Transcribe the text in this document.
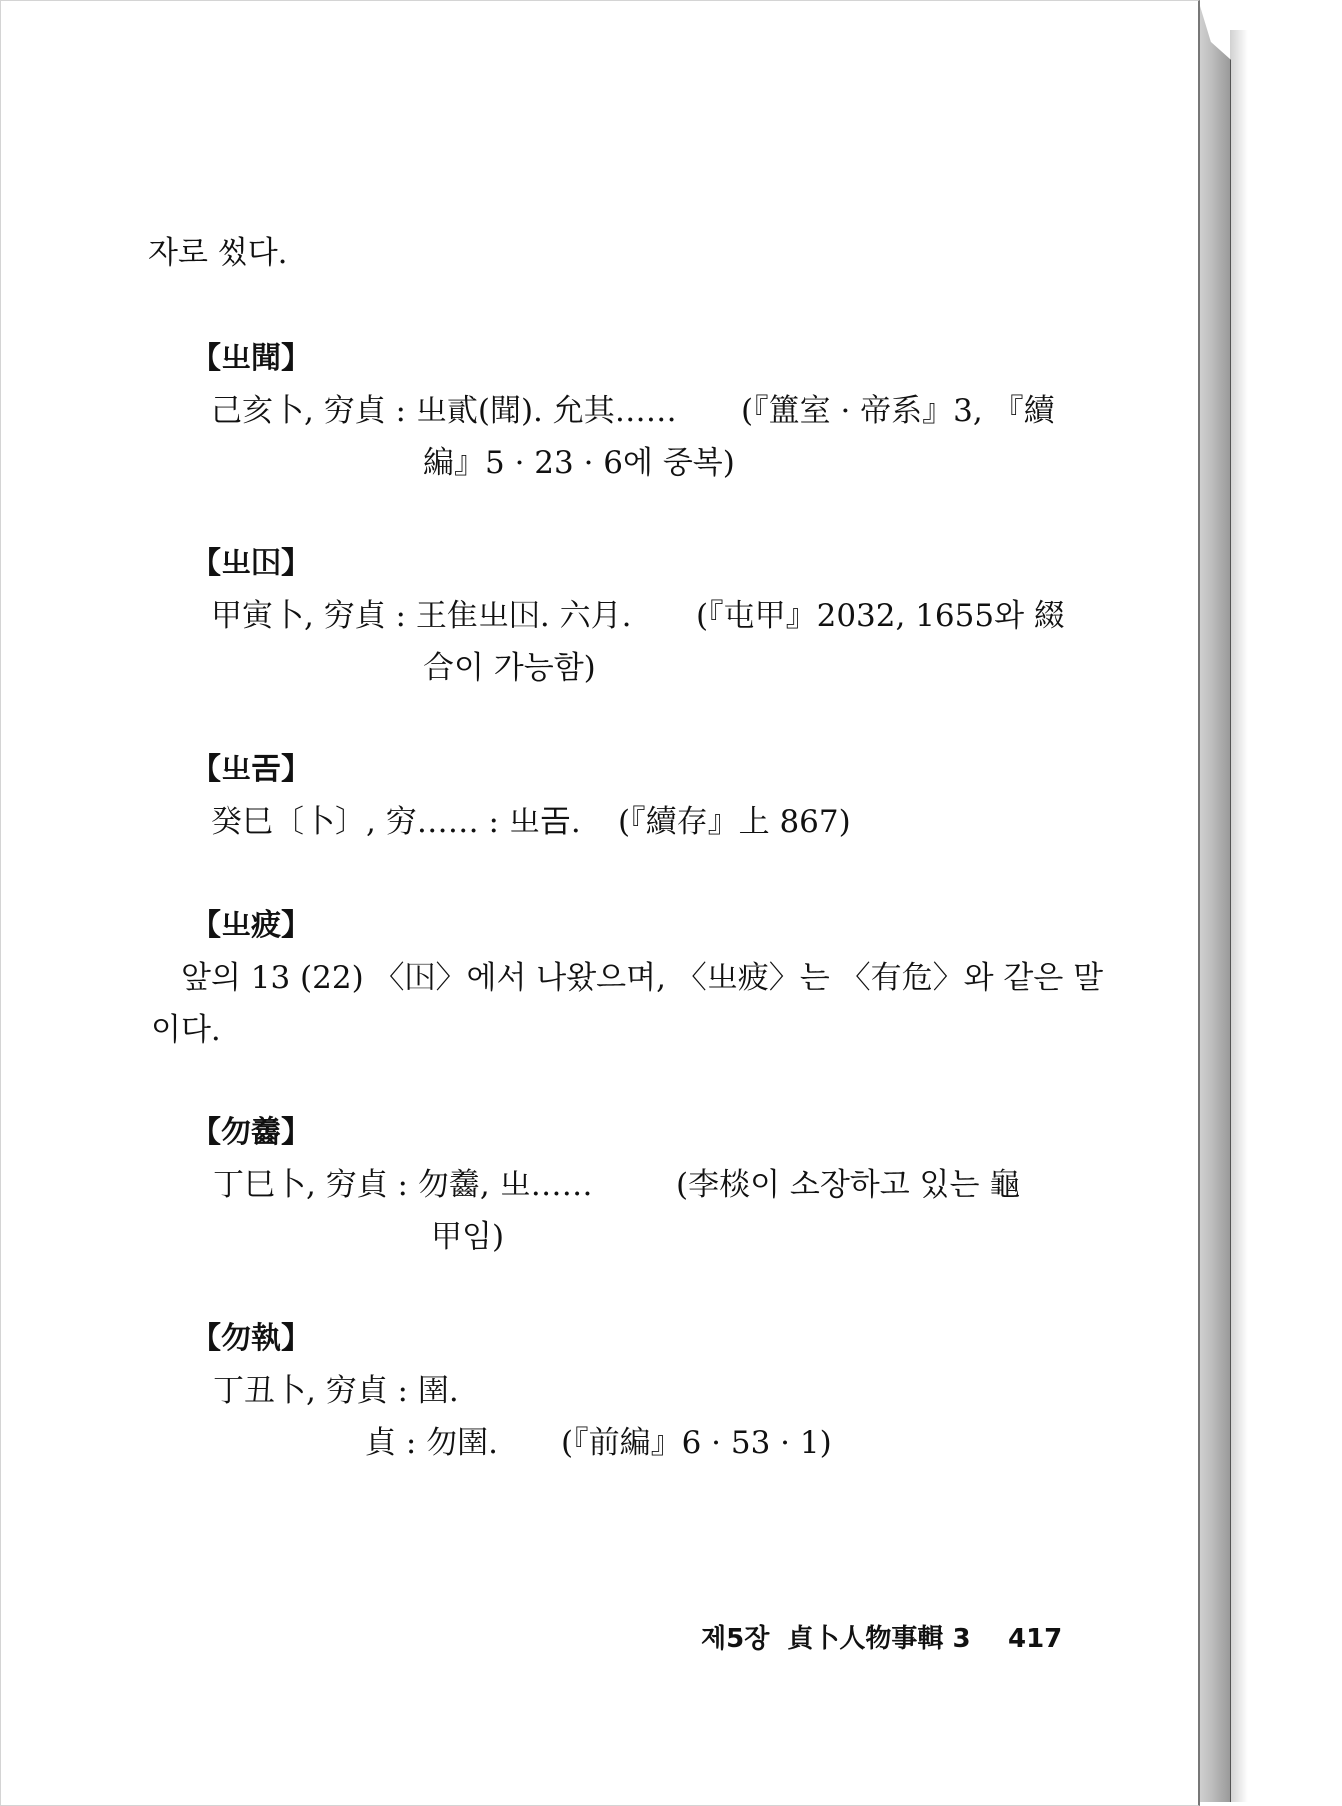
자로 썼다.
【㞢聞】
己亥卜, 穷貞 : 㞢貳(聞). 允其…… (『簠室 · 帝系』3, 『續
編』5 · 23 · 6에 중복)
【㞢𡆥】
甲寅卜, 穷貞 : 王隹㞢𡆥. 六月. (『屯甲』2032, 1655와 綴
合이 가능함)
【㞢𢀛】
癸巳〔卜〕, 穷…… : 㞢𢀛. (『續存』上 867)
【㞢疲】
앞의 13 (22) 〈𡆥〉에서 나왔으며, 〈㞢疲〉는 〈有危〉와 같은 말
이다.
【勿齹】
丁巳卜, 穷貞 : 勿齹, 㞢……	(李棪이 소장하고 있는 龜
甲임)
【勿執】
丁丑卜, 穷貞 : 圉.
貞 : 勿圉. (『前編』6 · 53 · 1)
제5장  貞卜人物事輯 3 417
